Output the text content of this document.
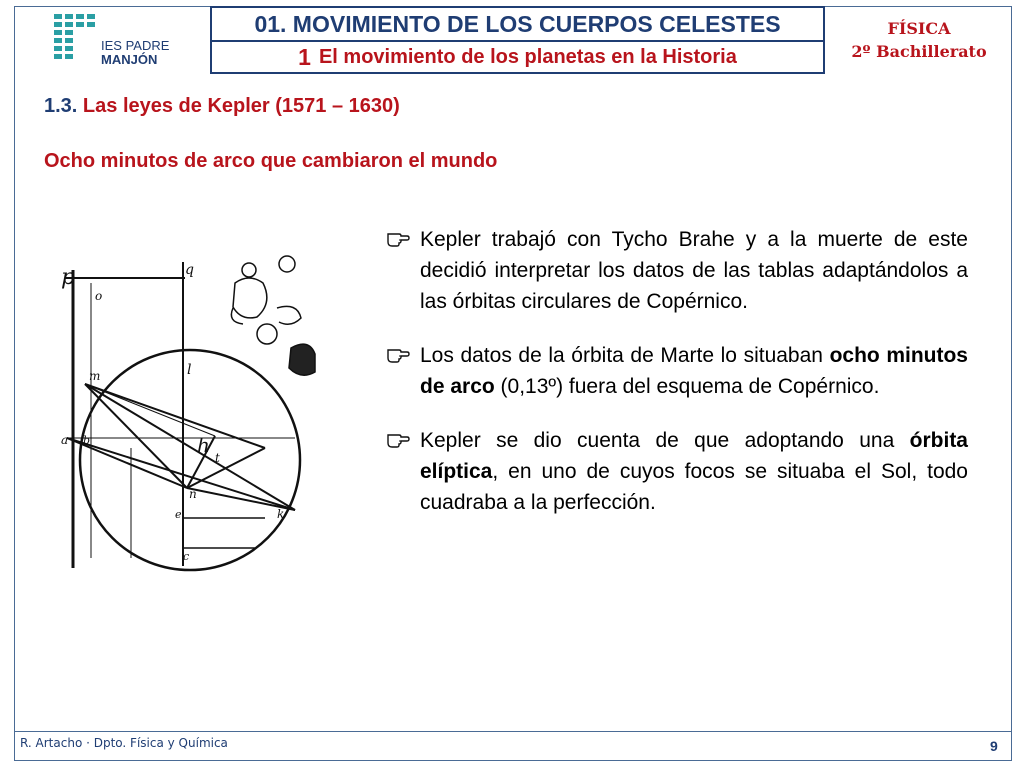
IES PADRE
MANJÓN
01. MOVIMIENTO DE LOS CUERPOS CELESTES
1 El movimiento de los planetas en la Historia
FÍSICA
2º Bachillerato
1.3. Las leyes de Kepler (1571 – 1630)
Ocho minutos de arco que cambiaron el mundo
p	q
o
m	l
h
t
a b
n
k
e
c
Kepler trabajó con Tycho Brahe y a la muerte de este decidió interpretar los datos de las tablas adaptándolos a las órbitas circulares de Copérnico.
Los datos de la órbita de Marte lo situaban ocho minutos de arco (0,13º) fuera del esquema de Copérnico.
Kepler se dio cuenta de que adoptando una órbita elíptica, en uno de cuyos focos se situaba el Sol, todo cuadraba a la perfección.
R. Artacho · Dpto. Física y Química	9
